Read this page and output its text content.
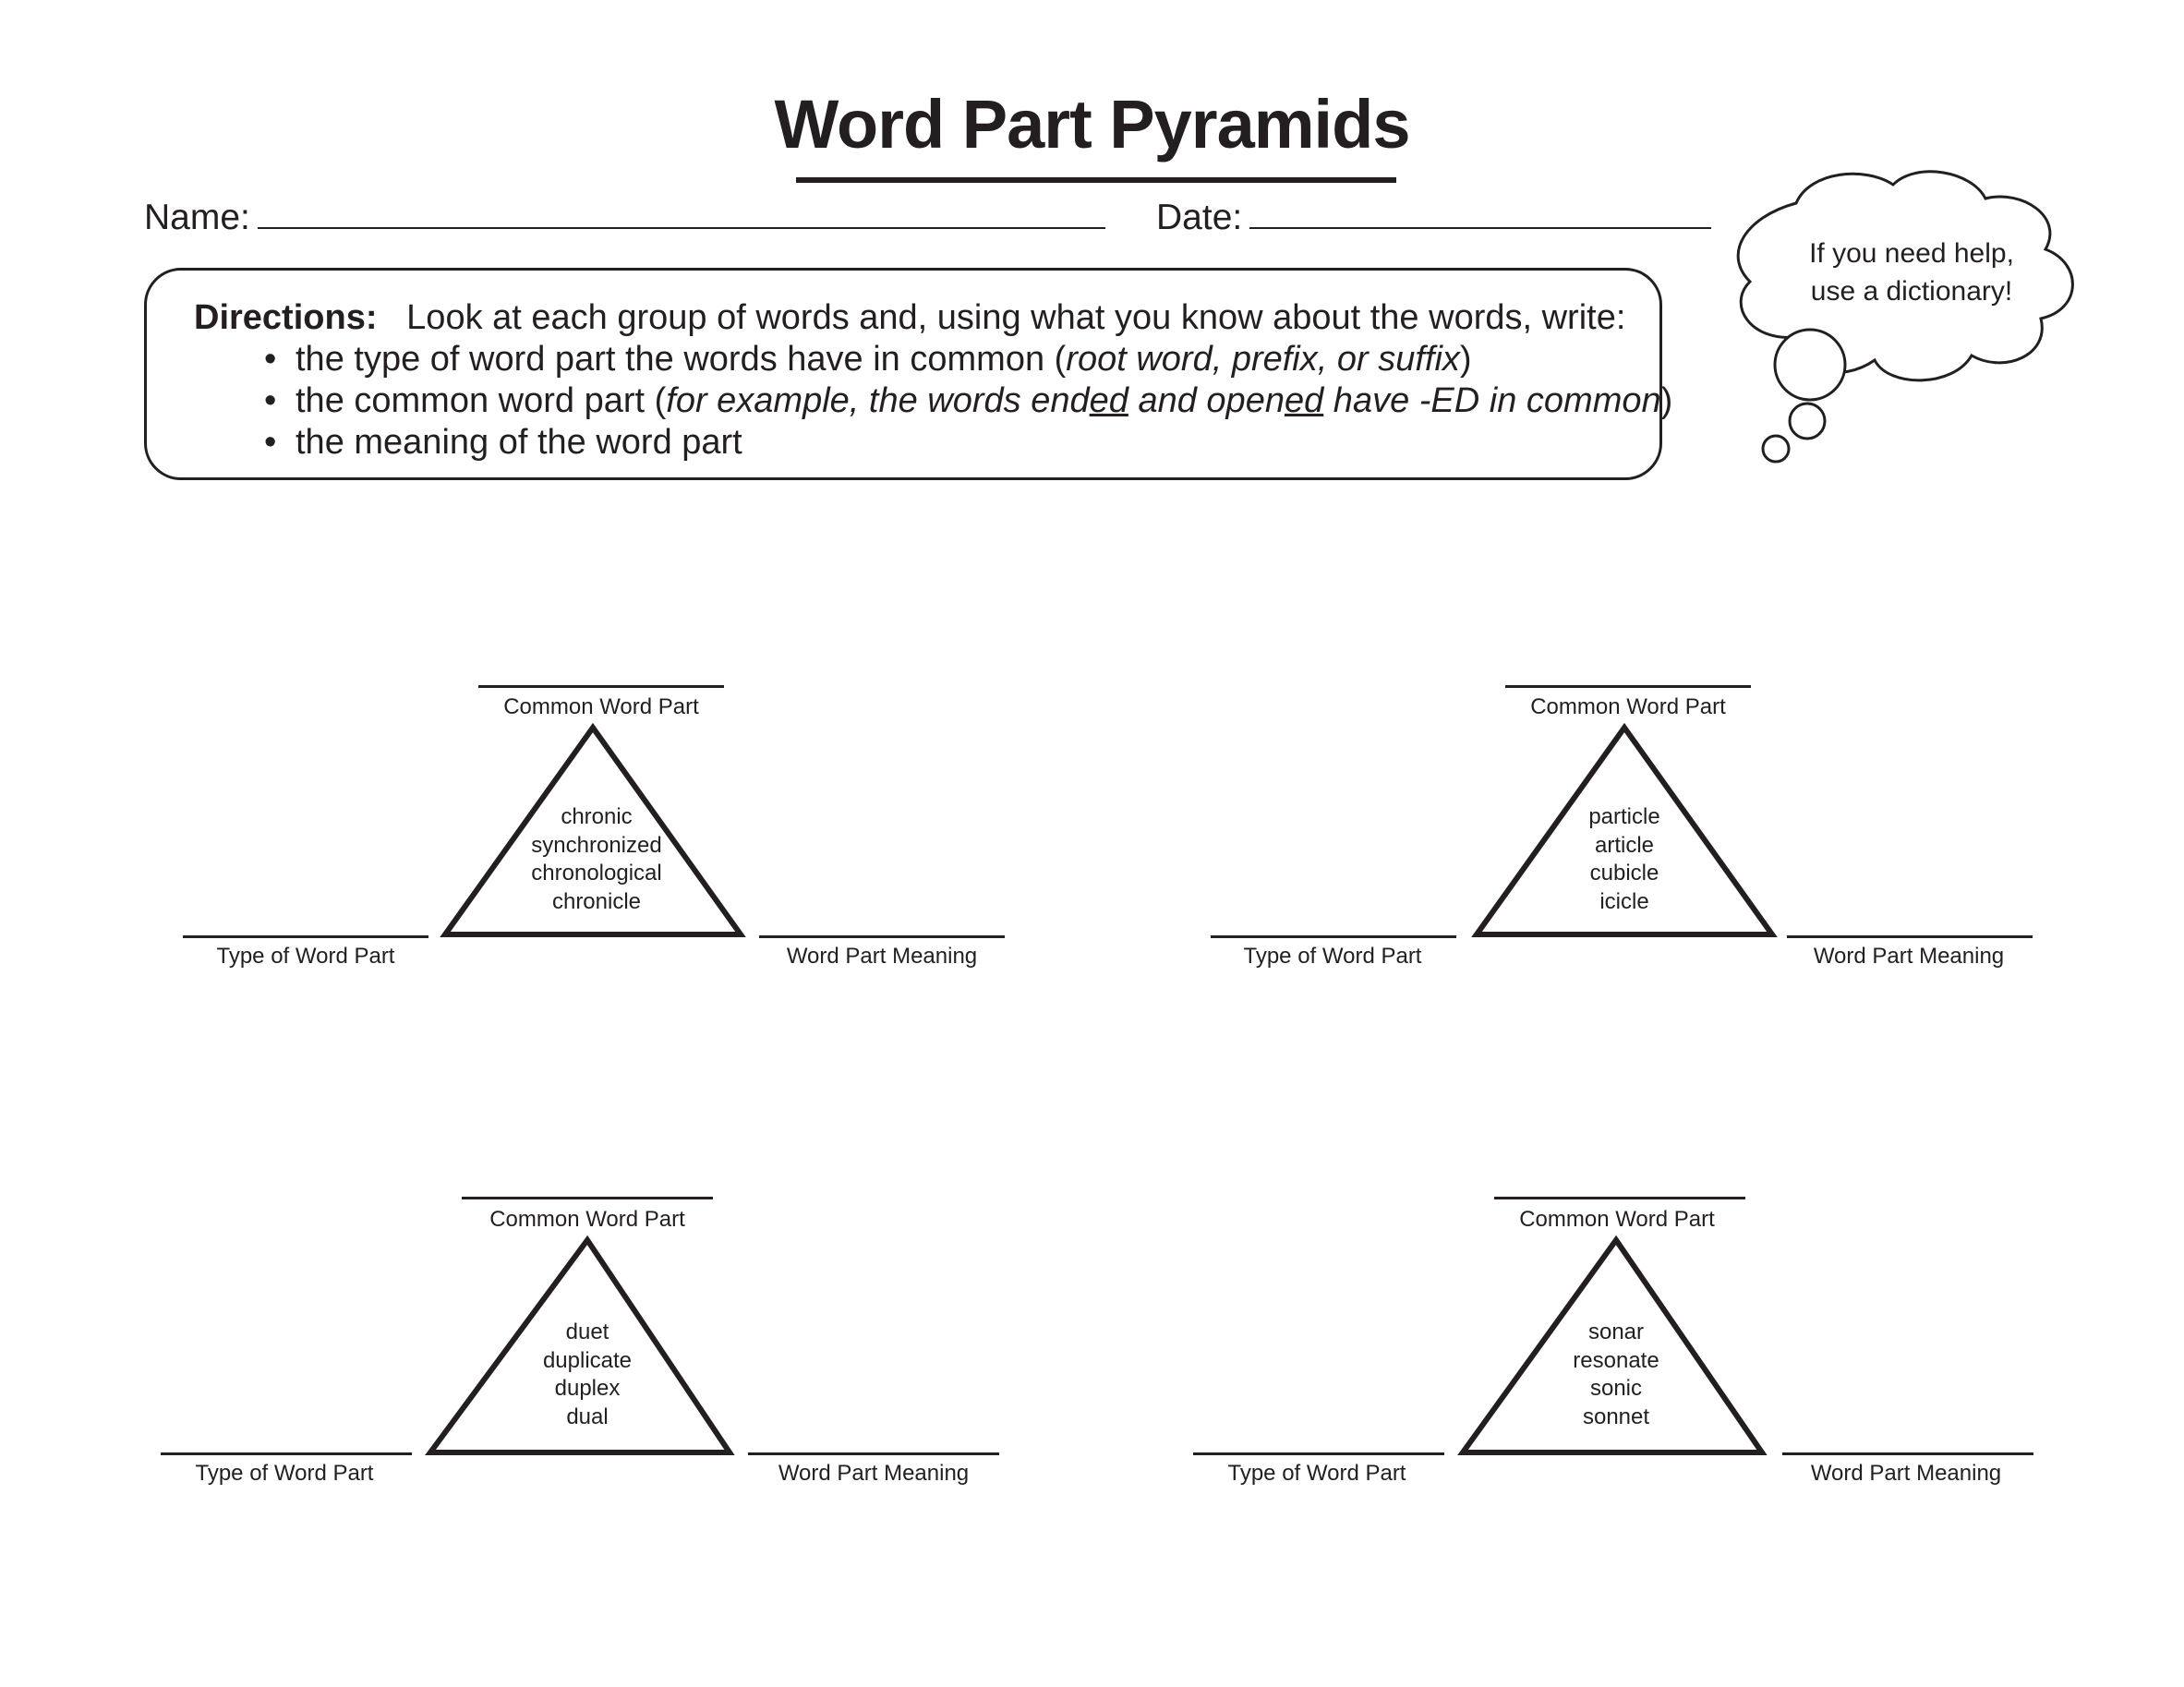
Word Part Pyramids
Name:	Date:
If you need help,
use a dictionary!
Directions: Look at each group of words and, using what you know about the words, write:
• the type of word part the words have in common (root word, prefix, or suffix)
• the common word part (for example, the words ended and opened have -ED in common)
• the meaning of the word part
Common Word Part
chronic
synchronized
chronological
chronicle
Type of Word Part	Word Part Meaning
Common Word Part
particle
article
cubicle
icicle
Type of Word Part	Word Part Meaning
Common Word Part
duet
duplicate
duplex
dual
Type of Word Part	Word Part Meaning
Common Word Part
sonar
resonate
sonic
sonnet
Type of Word Part	Word Part Meaning
